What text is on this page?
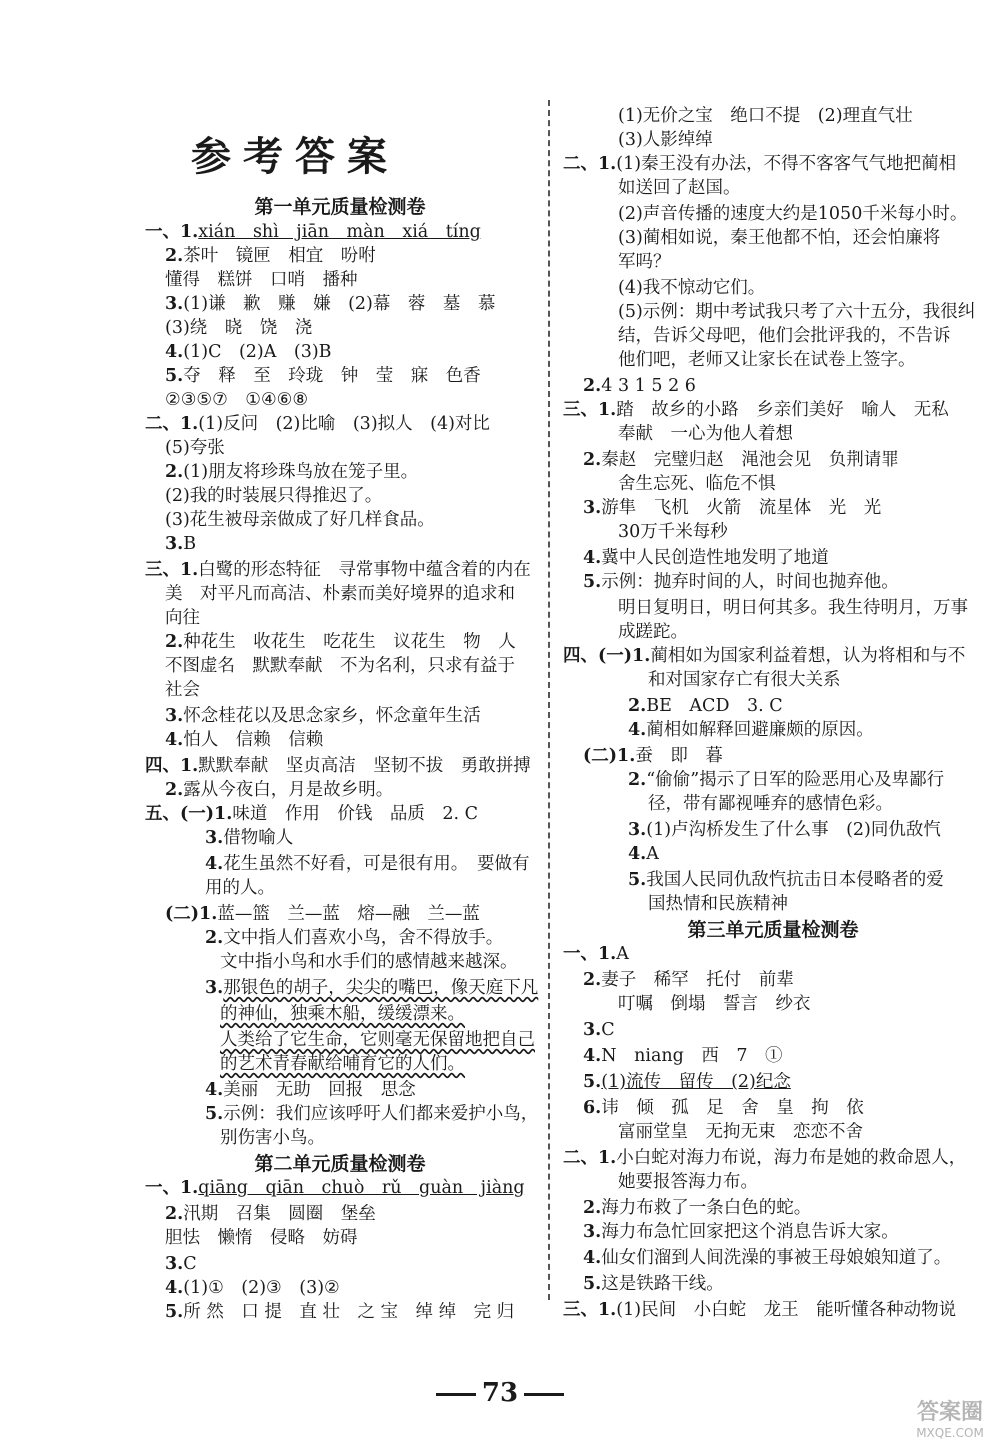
参考答案
第一单元质量检测卷
一、1.xián　shì　jiān　màn　xiá　tíng
2.茶叶　镜匣　相宜　吩咐
懂得　糕饼　口哨　播种
3.(1)谦　歉　赚　嫌　(2)幕　蓉　墓　慕
(3)绕　晓　饶　浇
4.(1)C　(2)A　(3)B
5.夺　释　至　玲珑　钟　莹　寐　色香
②③⑤⑦　①④⑥⑧
二、1.(1)反问　(2)比喻　(3)拟人　(4)对比
(5)夸张
2.(1)朋友将珍珠鸟放在笼子里。
(2)我的时装展只得推迟了。
(3)花生被母亲做成了好几样食品。
3.B
三、1.白鹭的形态特征　寻常事物中蕴含着的内在
美　对平凡而高洁、朴素而美好境界的追求和
向往
2.种花生　收花生　吃花生　议花生　物　人
不图虚名　默默奉献　不为名利，只求有益于
社会
3.怀念桂花以及思念家乡，怀念童年生活
4.怕人　信赖　信赖
四、1.默默奉献　坚贞高洁　坚韧不拔　勇敢拼搏
2.露从今夜白，月是故乡明。
五、(一)1.味道　作用　价钱　品质　2. C
3.借物喻人
4.花生虽然不好看，可是很有用。　要做有
用的人。
(二)1.蓝—篮　兰—蓝　熔—融　兰—蓝
2.文中指人们喜欢小鸟，舍不得放手。
文中指小鸟和水手们的感情越来越深。
3.那银色的胡子，尖尖的嘴巴，像天庭下凡
的神仙，独乘木船，缓缓漂来。
人类给了它生命，它则毫无保留地把自己
的艺术青春献给哺育它的人们。
4.美丽　无助　回报　思念
5.示例：我们应该呼吁人们都来爱护小鸟，
别伤害小鸟。
第二单元质量检测卷
一、1.qiāng　qiān　chuò　rǔ　guàn　jiàng
2.汛期　召集　圆圈　堡垒
胆怯　懒惰　侵略　妨碍
3.C
4.(1)①　(2)③　(3)②
5.所 然　口 提　直 壮　之 宝　绰 绰　完 归
(1)无价之宝　绝口不提　(2)理直气壮
(3)人影绰绰
二、1.(1)秦王没有办法，不得不客客气气地把蔺相
如送回了赵国。
(2)声音传播的速度大约是1050千米每小时。
(3)蔺相如说，秦王他都不怕，还会怕廉将
军吗？
(4)我不惊动它们。
(5)示例：期中考试我只考了六十五分，我很纠
结，告诉父母吧，他们会批评我的，不告诉
他们吧，老师又让家长在试卷上签字。
2.4 3 1 5 2 6
三、1.踏　故乡的小路　乡亲们美好　喻人　无私
奉献　一心为他人着想
2.秦赵　完璧归赵　渑池会见　负荆请罪
舍生忘死、临危不惧
3.游隼　飞机　火箭　流星体　光　光
30万千米每秒
4.冀中人民创造性地发明了地道
5.示例：抛弃时间的人，时间也抛弃他。
明日复明日，明日何其多。我生待明月，万事
成蹉跎。
四、(一)1.蔺相如为国家利益着想，认为将相和与不
和对国家存亡有很大关系
2.BE　ACD　3. C
4.蔺相如解释回避廉颇的原因。
(二)1.蚕　即　暮
2.“偷偷”揭示了日军的险恶用心及卑鄙行
径，带有鄙视唾弃的感情色彩。
3.(1)卢沟桥发生了什么事　(2)同仇敌忾
4.A
5.我国人民同仇敌忾抗击日本侵略者的爱
国热情和民族精神
第三单元质量检测卷
一、1.A
2.妻子　稀罕　托付　前辈
叮嘱　倒塌　誓言　纱衣
3.C
4.N　niang　西　7　①
5.(1)流传　留传　(2)纪念
6.讳　倾　孤　足　舍　皇　拘　依
富丽堂皇　无拘无束　恋恋不舍
二、1.小白蛇对海力布说，海力布是她的救命恩人，
她要报答海力布。
2.海力布救了一条白色的蛇。
3.海力布急忙回家把这个消息告诉大家。
4.仙女们溜到人间洗澡的事被王母娘娘知道了。
5.这是铁路干线。
三、1.(1)民间　小白蛇　龙王　能听懂各种动物说
73
答案圈
MXQE.COM
